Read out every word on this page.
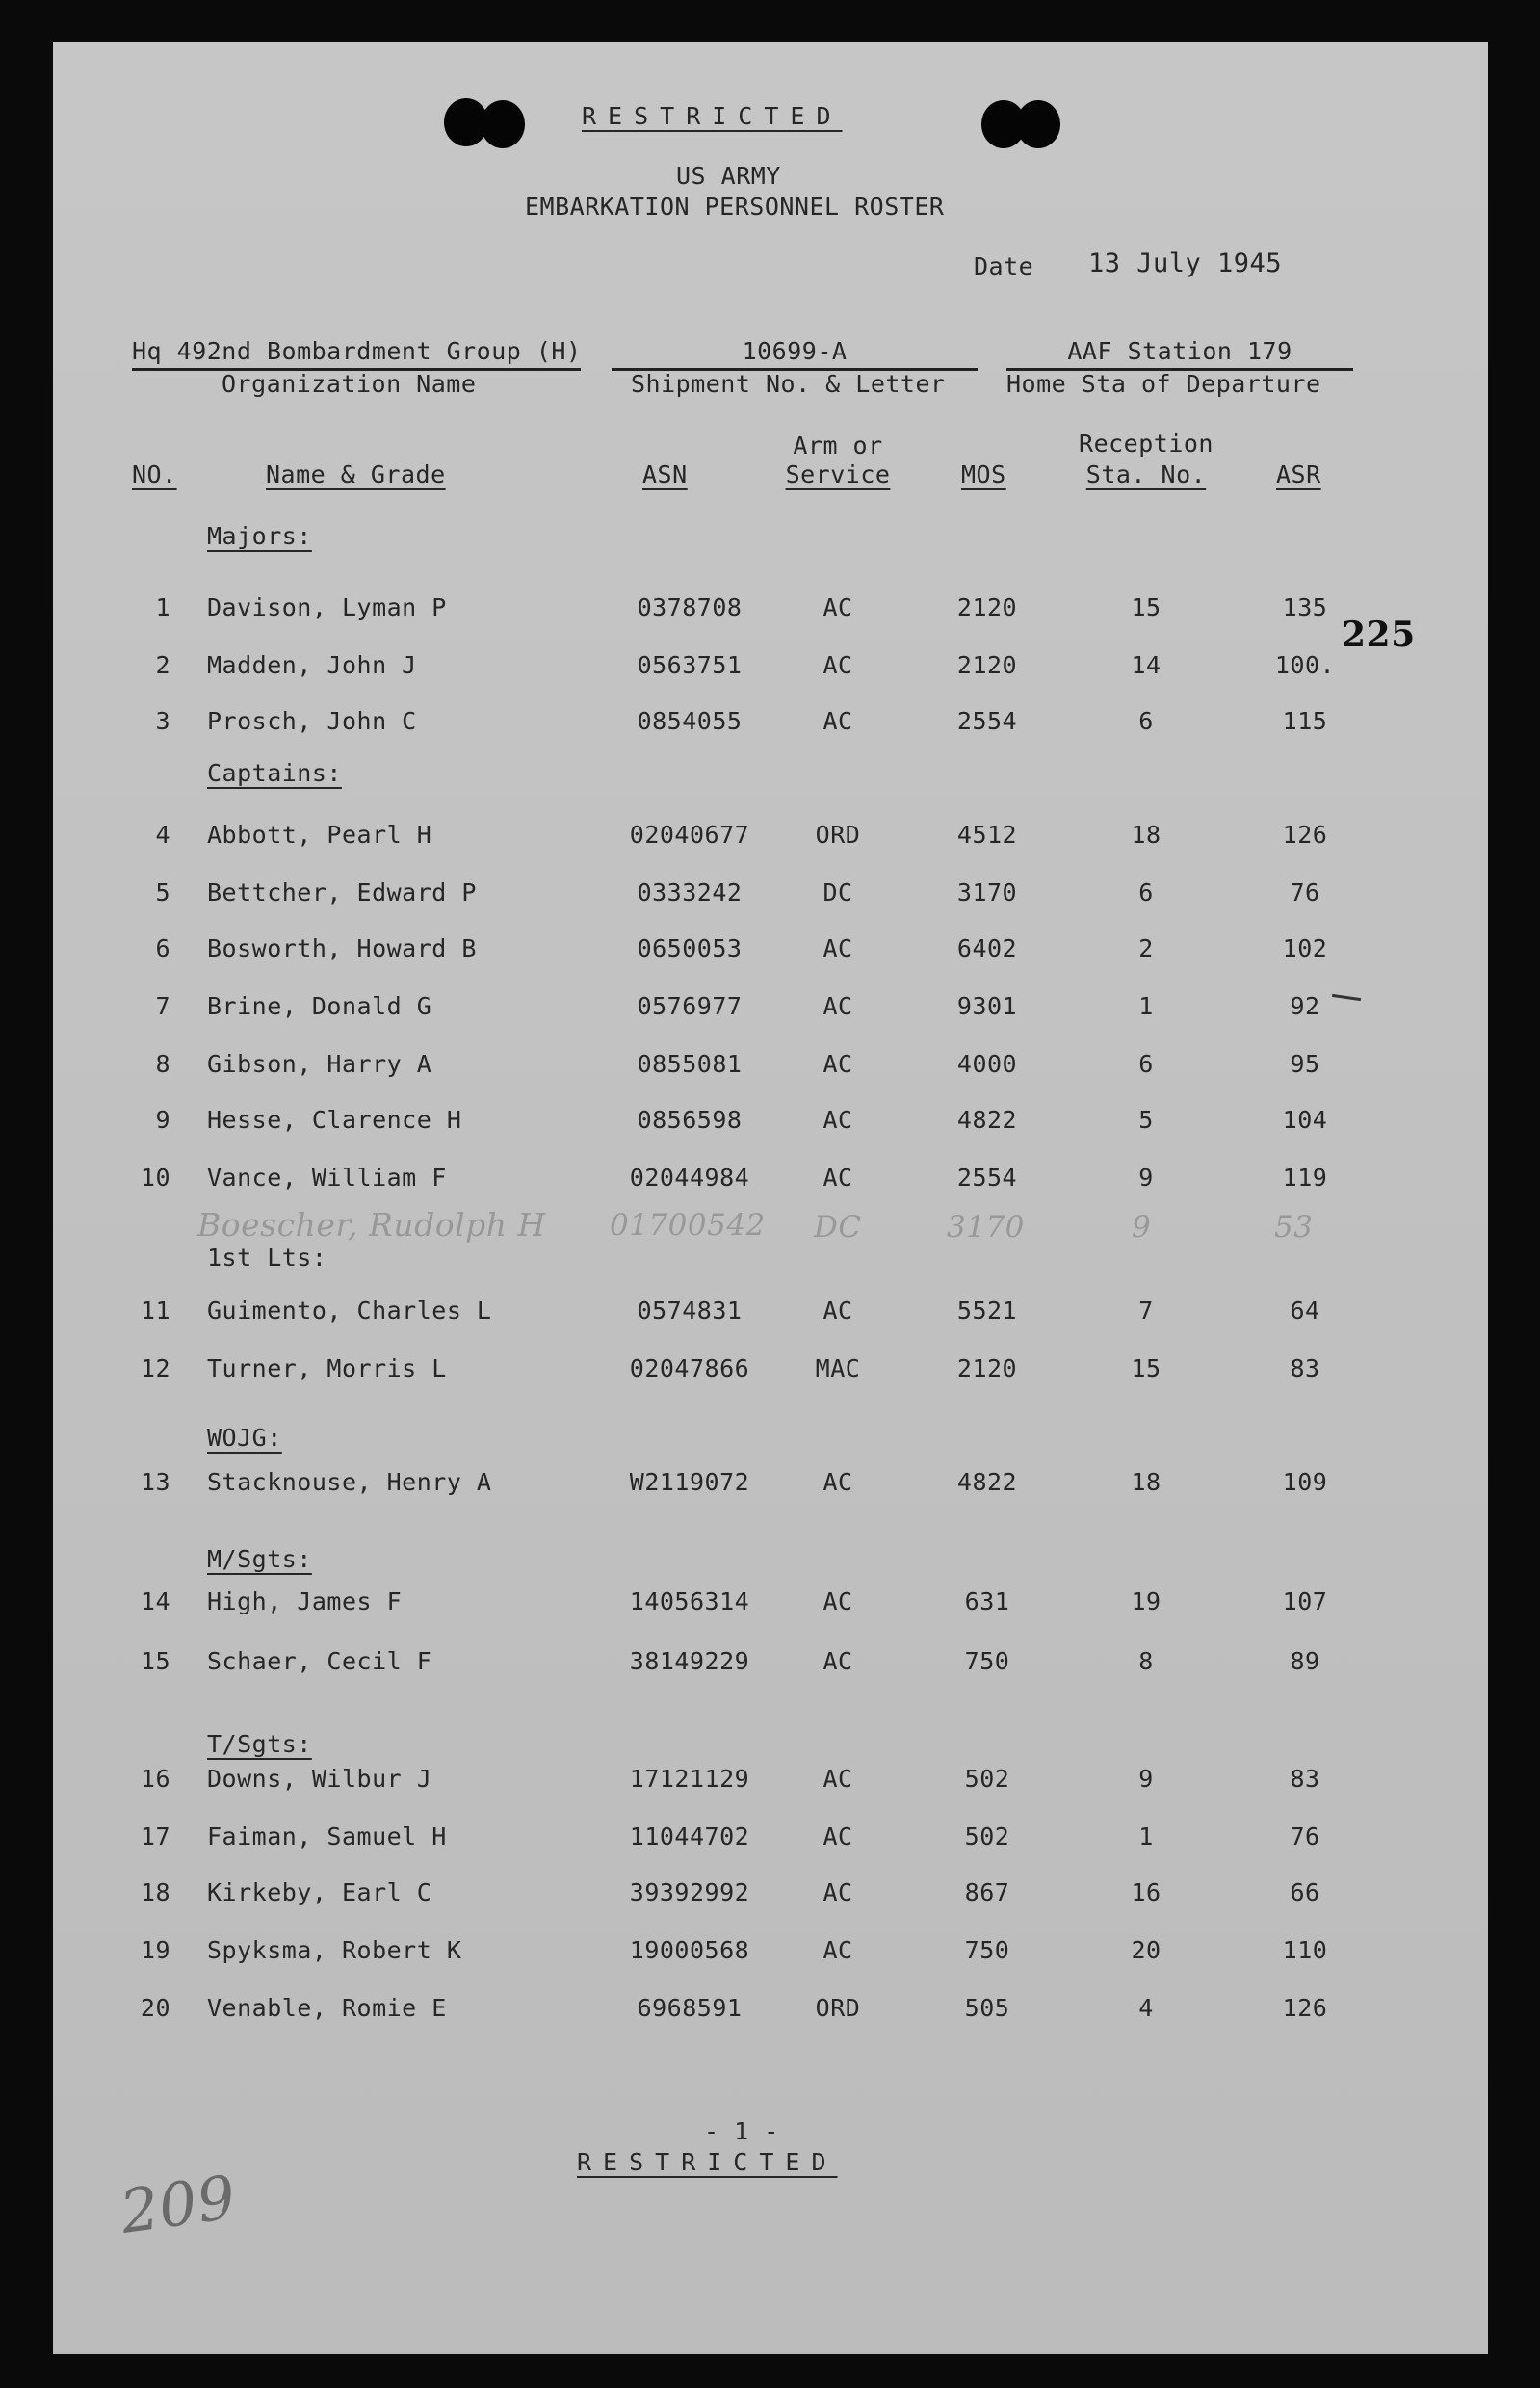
RESTRICTED
US ARMY
EMBARKATION PERSONNEL ROSTER
Date 13 July 1945
Hq 492nd Bombardment Group (H)
Organization Name
10699-A
Shipment No. & Letter
AAF Station 179
Home Sta of Departure
NO.	Name & Grade	ASN
Arm or
Service	MOS
Reception
Sta. No.	ASR
Majors:
Captains:
1st Lts:
WOJG:
M/Sgts:
T/Sgts:
1 Davison, Lyman P	0378708	AC	2120	15	135
2 Madden, John J	0563751	AC	2120	14	100.
3 Prosch, John C	0854055	AC	2554	6	115
4 Abbott, Pearl H	02040677	ORD	4512	18	126
5 Bettcher, Edward P	0333242	DC	3170	6	76
6 Bosworth, Howard B	0650053	AC	6402	2	102
7 Brine, Donald G	0576977	AC	9301	1	92
8 Gibson, Harry A	0855081	AC	4000	6	95
9 Hesse, Clarence H	0856598	AC	4822	5	104
10 Vance, William F	02044984	AC	2554	9	119
11 Guimento, Charles L	0574831	AC	5521	7	64
12 Turner, Morris L	02047866	MAC	2120	15	83
13 Stacknouse, Henry A	W2119072	AC	4822	18	109
14 High, James F	14056314	AC	631	19	107
15 Schaer, Cecil F	38149229	AC	750	8	89
16 Downs, Wilbur J	17121129	AC	502	9	83
17 Faiman, Samuel H	11044702	AC	502	1	76
18 Kirkeby, Earl C	39392992	AC	867	16	66
19 Spyksma, Robert K	19000568	AC	750	20	110
20 Venable, Romie E	6968591	ORD	505	4	126
Boescher, Rudolph H 01700542 DC	3170	9	53
225
- 1 -
RESTRICTED
209
